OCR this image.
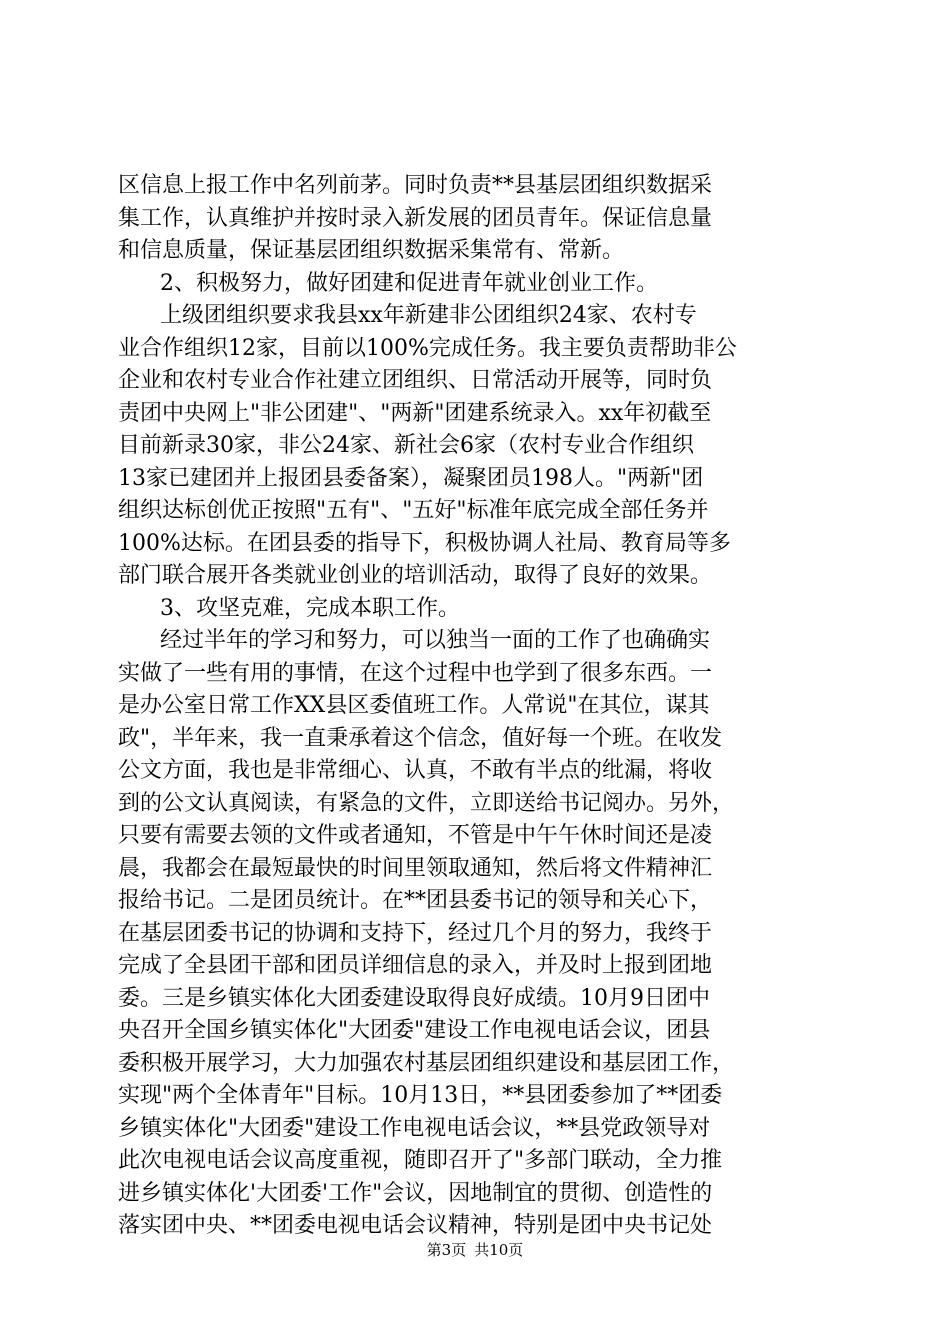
区信息上报工作中名列前茅。同时负责**县基层团组织数据采
集工作，认真维护并按时录入新发展的团员青年。保证信息量
和信息质量，保证基层团组织数据采集常有、常新。
2、积极努力，做好团建和促进青年就业创业工作。
上级团组织要求我县xx年新建非公团组织24家、农村专
业合作组织12家，目前以100%完成任务。我主要负责帮助非公
企业和农村专业合作社建立团组织、日常活动开展等，同时负
责团中央网上"非公团建"、"两新"团建系统录入。xx年初截至
目前新录30家，非公24家、新社会6家（农村专业合作组织
13家已建团并上报团县委备案），凝聚团员198人。"两新"团
组织达标创优正按照"五有"、"五好"标准年底完成全部任务并
100%达标。在团县委的指导下，积极协调人社局、教育局等多
部门联合展开各类就业创业的培训活动，取得了良好的效果。
3、攻坚克难，完成本职工作。
经过半年的学习和努力，可以独当一面的工作了也确确实
实做了一些有用的事情，在这个过程中也学到了很多东西。一
是办公室日常工作XX县区委值班工作。人常说"在其位，谋其
政"，半年来，我一直秉承着这个信念，值好每一个班。在收发
公文方面，我也是非常细心、认真，不敢有半点的纰漏，将收
到的公文认真阅读，有紧急的文件，立即送给书记阅办。另外，
只要有需要去领的文件或者通知，不管是中午午休时间还是凌
晨，我都会在最短最快的时间里领取通知，然后将文件精神汇
报给书记。二是团员统计。在**团县委书记的领导和关心下，
在基层团委书记的协调和支持下，经过几个月的努力，我终于
完成了全县团干部和团员详细信息的录入，并及时上报到团地
委。三是乡镇实体化大团委建设取得良好成绩。10月9日团中
央召开全国乡镇实体化"大团委"建设工作电视电话会议，团县
委积极开展学习，大力加强农村基层团组织建设和基层团工作，
实现"两个全体青年"目标。10月13日，**县团委参加了**团委
乡镇实体化"大团委"建设工作电视电话会议，**县党政领导对
此次电视电话会议高度重视，随即召开了"多部门联动，全力推
进乡镇实体化'大团委'工作"会议，因地制宜的贯彻、创造性的
落实团中央、**团委电视电话会议精神，特别是团中央书记处
第3页 共10页
